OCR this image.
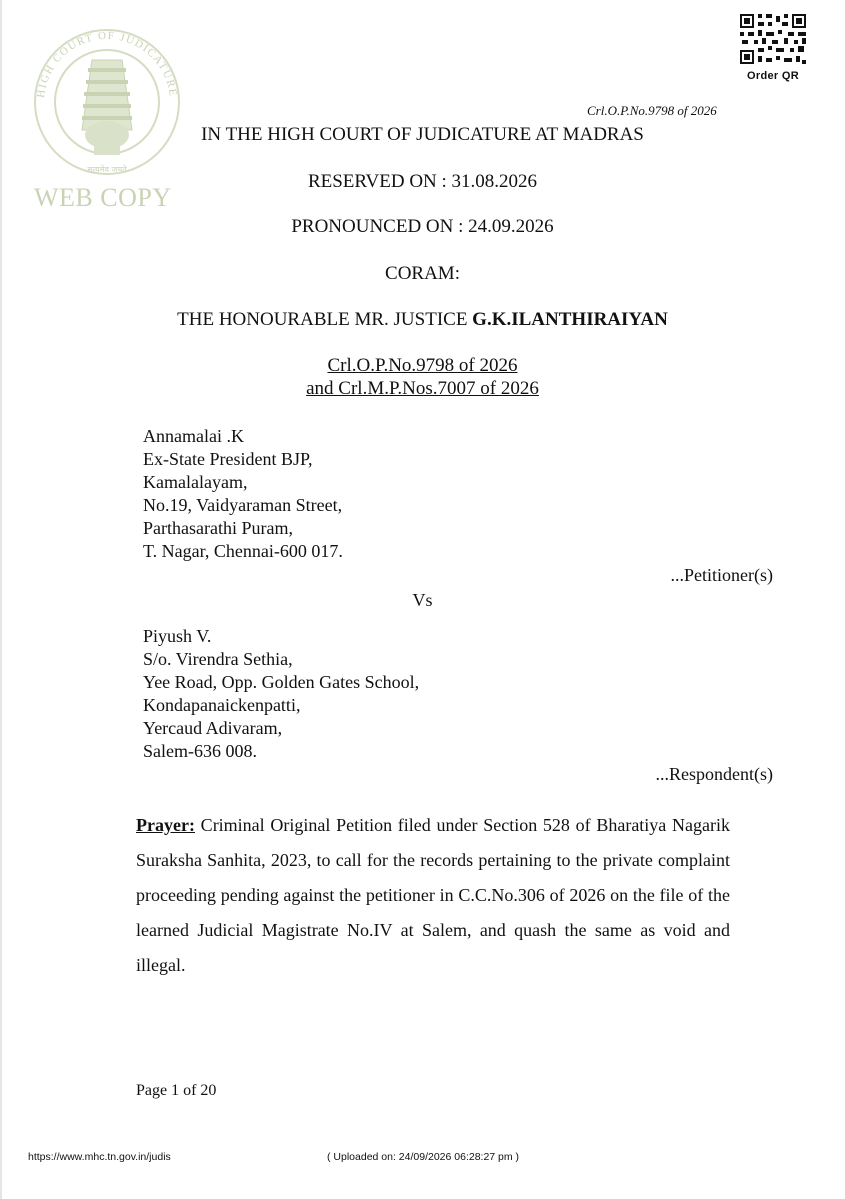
HIGH COURT OF JUDICATURE
सत्यमेव जयते
WEB COPY
Order QR
Crl.O.P.No.9798 of 2026
IN THE HIGH COURT OF JUDICATURE AT MADRAS
RESERVED ON : 31.08.2026
PRONOUNCED ON : 24.09.2026
CORAM:
THE HONOURABLE MR. JUSTICE G.K.ILANTHIRAIYAN
Crl.O.P.No.9798 of 2026
and Crl.M.P.Nos.7007 of 2026
Annamalai .K
Ex-State President BJP,
Kamalalayam,
No.19, Vaidyaraman Street,
Parthasarathi Puram,
T. Nagar, Chennai-600 017.
...Petitioner(s)
Vs
Piyush V.
S/o. Virendra Sethia,
Yee Road, Opp. Golden Gates School,
Kondapanaickenpatti,
Yercaud Adivaram,
Salem-636 008.
...Respondent(s)
Prayer: Criminal Original Petition filed under Section 528 of Bharatiya Nagarik Suraksha Sanhita, 2023, to call for the records pertaining to the private complaint proceeding pending against the petitioner in C.C.No.306 of 2026 on the file of the learned Judicial Magistrate No.IV at Salem, and quash the same as void and illegal.
Page 1 of 20
https://www.mhc.tn.gov.in/judis	( Uploaded on: 24/09/2026 06:28:27 pm )
